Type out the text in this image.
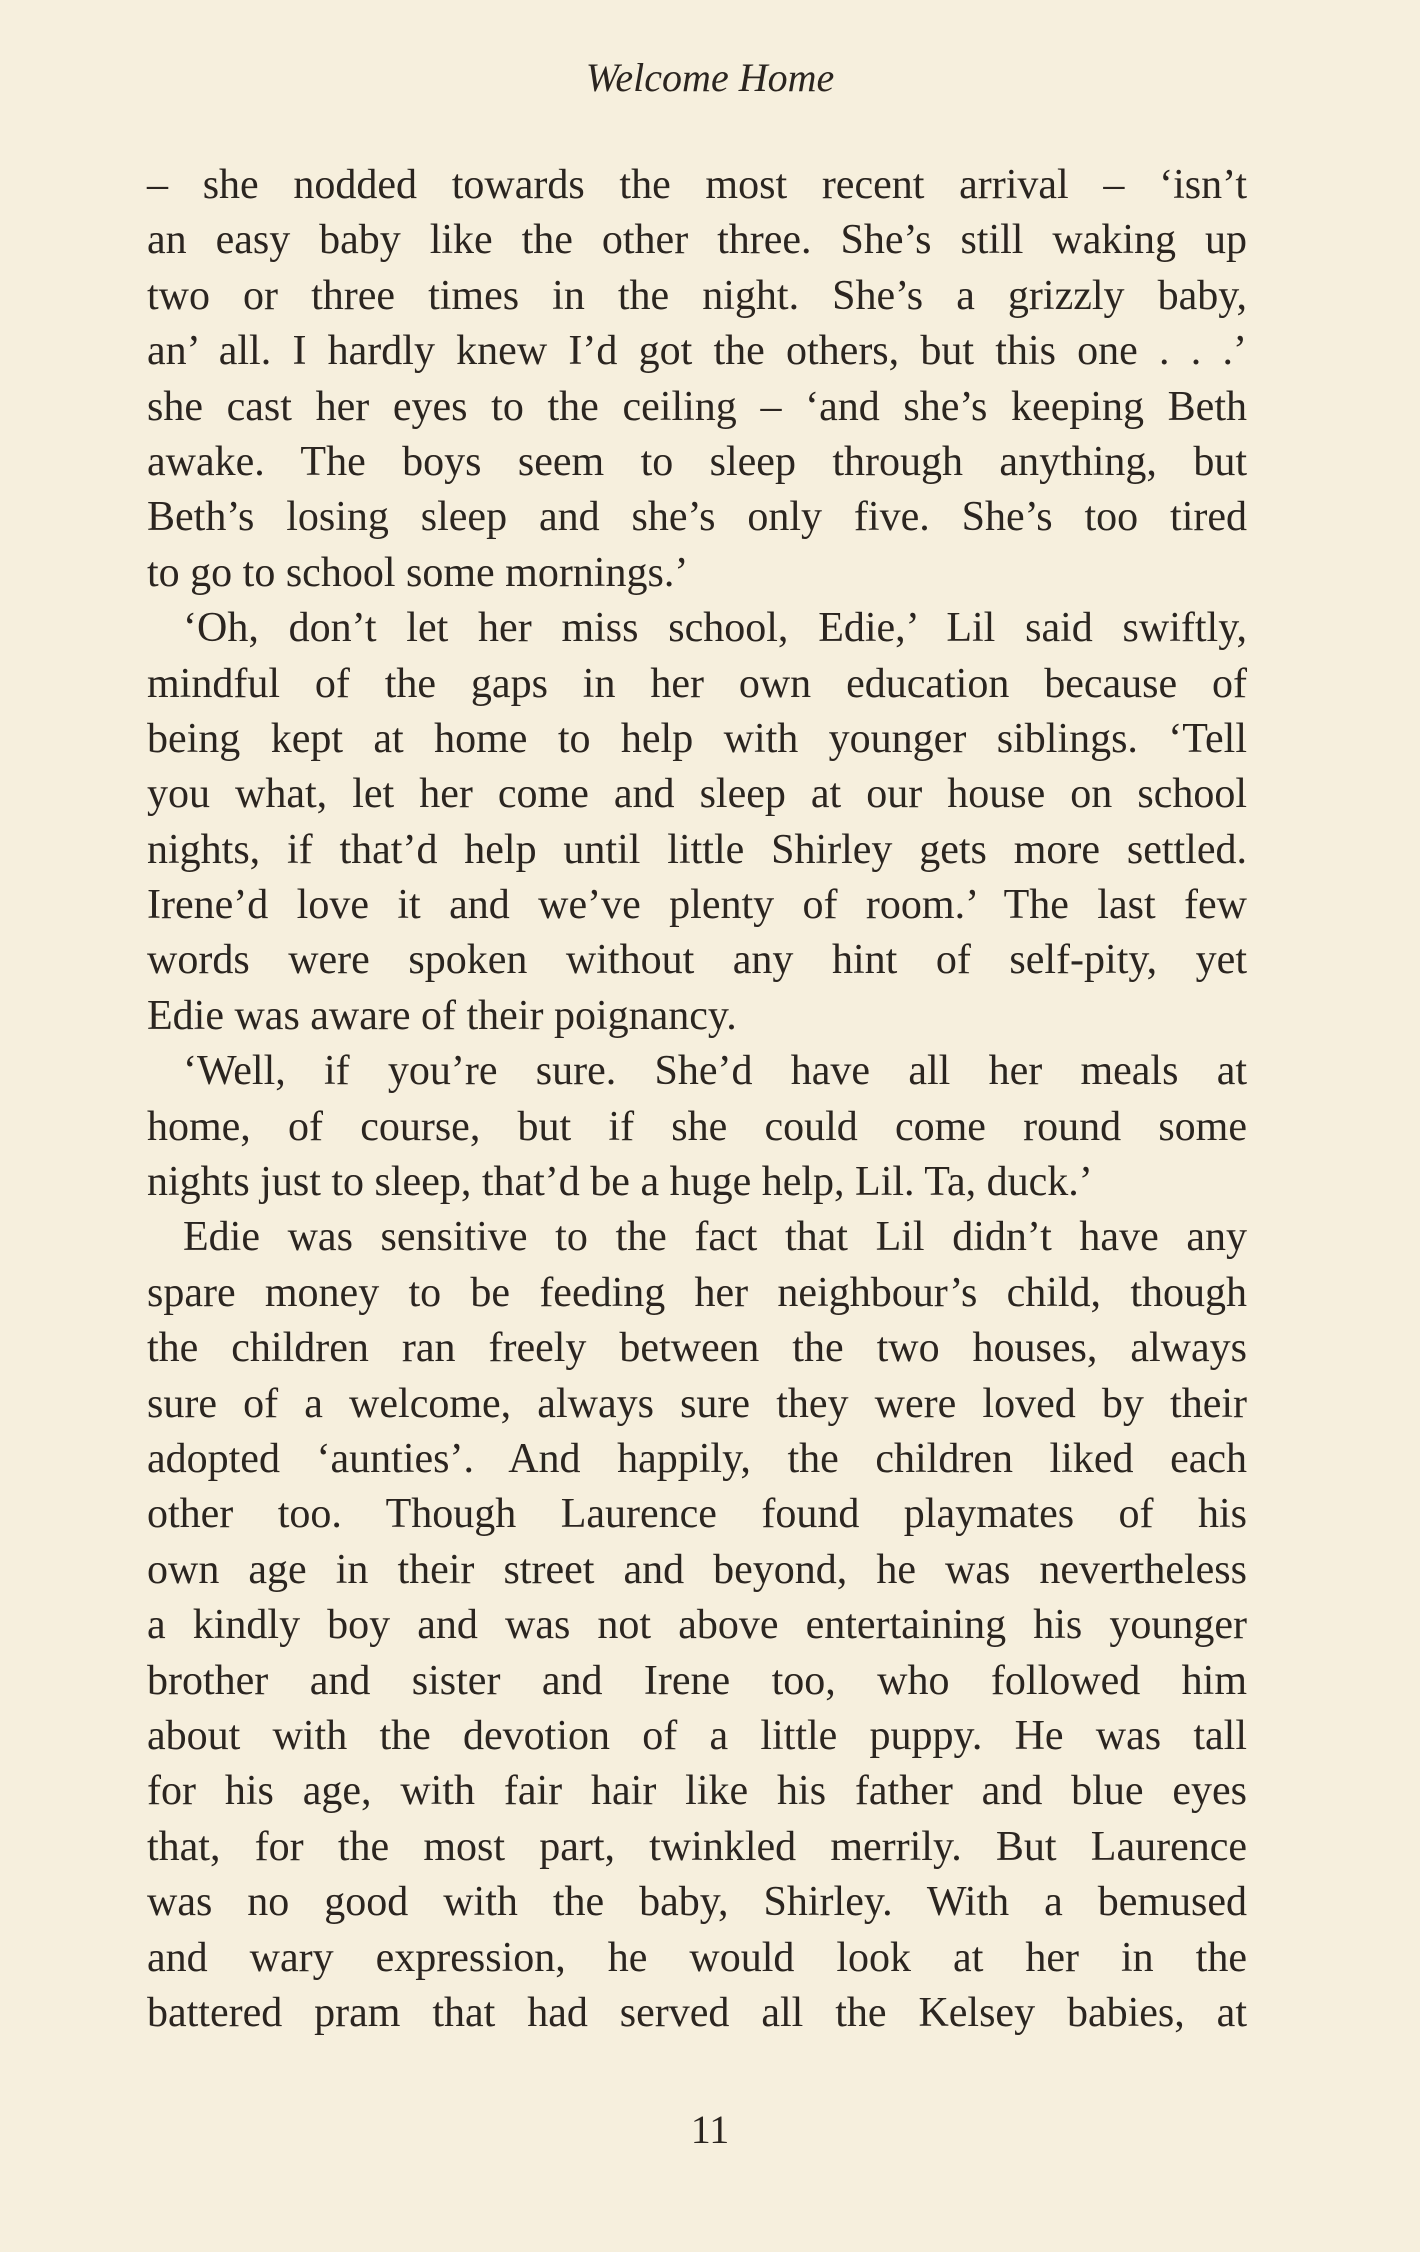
Welcome Home
– she nodded towards the most recent arrival – ‘isn’t
an easy baby like the other three. She’s still waking up
two or three times in the night. She’s a grizzly baby,
an’ all. I hardly knew I’d got the others, but this one . . .’
she cast her eyes to the ceiling – ‘and she’s keeping Beth
awake. The boys seem to sleep through anything, but
Beth’s losing sleep and she’s only five. She’s too tired
to go to school some mornings.’
‘Oh, don’t let her miss school, Edie,’ Lil said swiftly,
mindful of the gaps in her own education because of
being kept at home to help with younger siblings. ‘Tell
you what, let her come and sleep at our house on school
nights, if that’d help until little Shirley gets more settled.
Irene’d love it and we’ve plenty of room.’ The last few
words were spoken without any hint of self-pity, yet
Edie was aware of their poignancy.
‘Well, if you’re sure. She’d have all her meals at
home, of course, but if she could come round some
nights just to sleep, that’d be a huge help, Lil. Ta, duck.’
Edie was sensitive to the fact that Lil didn’t have any
spare money to be feeding her neighbour’s child, though
the children ran freely between the two houses, always
sure of a welcome, always sure they were loved by their
adopted ‘aunties’. And happily, the children liked each
other too. Though Laurence found playmates of his
own age in their street and beyond, he was nevertheless
a kindly boy and was not above entertaining his younger
brother and sister and Irene too, who followed him
about with the devotion of a little puppy. He was tall
for his age, with fair hair like his father and blue eyes
that, for the most part, twinkled merrily. But Laurence
was no good with the baby, Shirley. With a bemused
and wary expression, he would look at her in the
battered pram that had served all the Kelsey babies, at
11
